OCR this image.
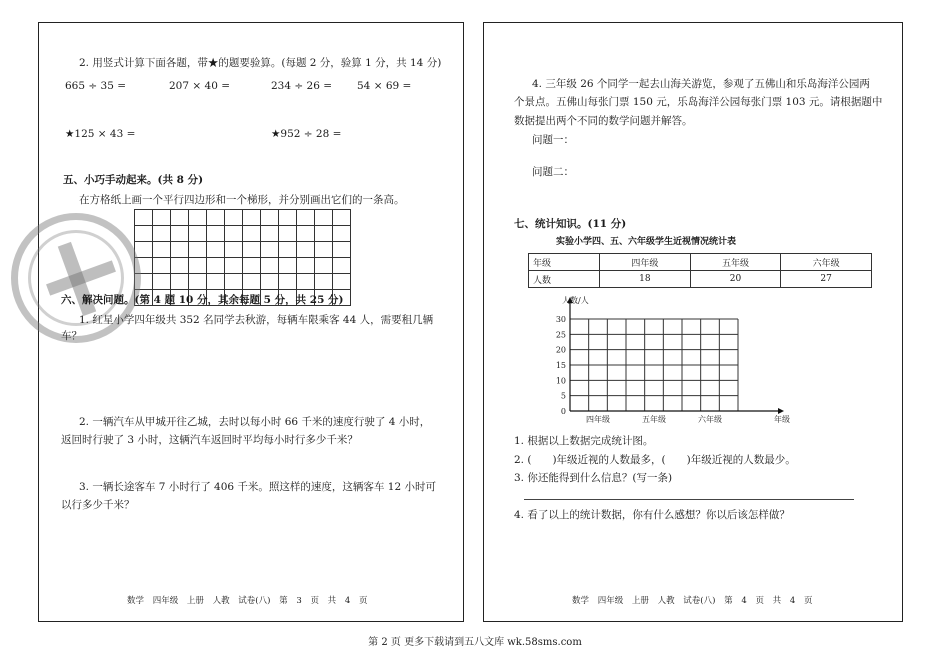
2. 用竖式计算下面各题，带★的题要验算。(每题 2 分，验算 1 分，共 14 分)
665 ÷ 35 =	207 × 40 =	234 ÷ 26 = 54 × 69 =
★125 × 43 =	★952 ÷ 28 =
五、小巧手动起来。(共 8 分)
在方格纸上画一个平行四边形和一个梯形，并分别画出它们的一条高。

六、解决问题。(第 4 题 10 分，其余每题 5 分，共 25 分)
1. 红星小学四年级共 352 名同学去秋游，每辆车限乘客 44 人，需要租几辆
车？
2. 一辆汽车从甲城开往乙城，去时以每小时 66 千米的速度行驶了 4 小时，
返回时行驶了 3 小时，这辆汽车返回时平均每小时行多少千米？
3. 一辆长途客车 7 小时行了 406 千米。照这样的速度，这辆客车 12 小时可
以行多少千米？
数学 四年级 上册 人教 试卷(八) 第 3 页 共 4 页
4. 三年级 26 个同学一起去山海关游览，参观了五佛山和乐岛海洋公园两
个景点。五佛山每张门票 150 元，乐岛海洋公园每张门票 103 元。请根据题中
数据提出两个不同的数学问题并解答。
问题一：
问题二：
七、统计知识。(11 分)
实验小学四、五、六年级学生近视情况统计表
年级	四年级	五年级	六年级
人数	18	20	27
0
5
10
15
20
25
30
人数/人
四年级	五年级	六年级	年级
1. 根据以上数据完成统计图。
2. (　　)年级近视的人数最多，(　　)年级近视的人数最少。
3. 你还能得到什么信息？(写一条)
4. 看了以上的统计数据，你有什么感想？你以后该怎样做？
数学 四年级 上册 人教 试卷(八) 第 4 页 共 4 页
第 2 页 更多下载请到五八文库 wk.58sms.com
